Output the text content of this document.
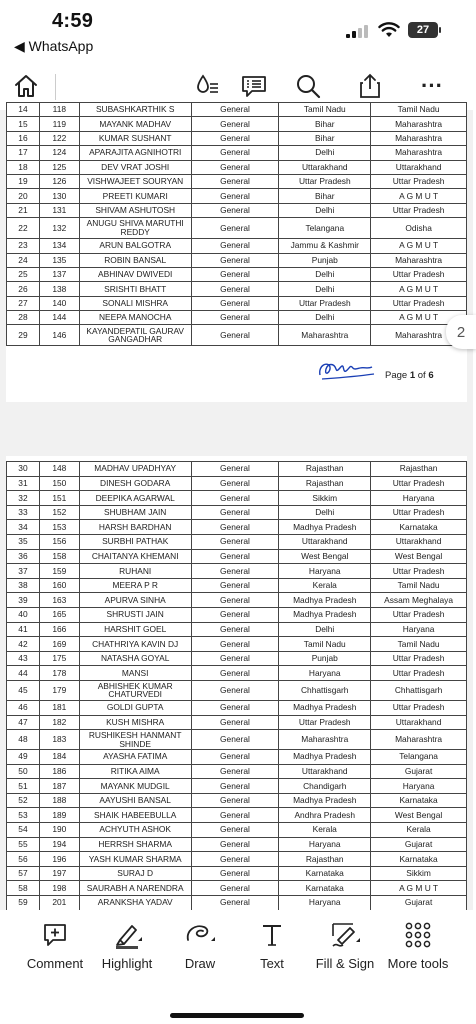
4:59
◀ WhatsApp
27
···
14	118	SUBASHKARTHIK S	General	Tamil Nadu	Tamil Nadu
15	119	MAYANK MADHAV	General	Bihar	Maharashtra
16	122	KUMAR SUSHANT	General	Bihar	Maharashtra
17	124	APARAJITA AGNIHOTRI	General	Delhi	Maharashtra
18	125	DEV VRAT JOSHI	General	Uttarakhand	Uttarakhand
19	126	VISHWAJEET SOURYAN	General	Uttar Pradesh	Uttar Pradesh
20	130	PREETI KUMARI	General	Bihar	A G M U T
21	131	SHIVAM ASHUTOSH	General	Delhi	Uttar Pradesh
22	132	ANUGU SHIVA MARUTHI REDDY	General	Telangana	Odisha
23	134	ARUN BALGOTRA	General	Jammu & Kashmir	A G M U T
24	135	ROBIN BANSAL	General	Punjab	Maharashtra
25	137	ABHINAV DWIVEDI	General	Delhi	Uttar Pradesh
26	138	SRISHTI BHATT	General	Delhi	A G M U T
27	140	SONALI MISHRA	General	Uttar Pradesh	Uttar Pradesh
28	144	NEEPA MANOCHA	General	Delhi	A G M U T
29	146	KAYANDEPATIL GAURAV GANGADHAR	General	Maharashtra	Maharashtra
Page 1 of 6
30	148	MADHAV UPADHYAY	General	Rajasthan	Rajasthan
31	150	DINESH GODARA	General	Rajasthan	Uttar Pradesh
32	151	DEEPIKA AGARWAL	General	Sikkim	Haryana
33	152	SHUBHAM JAIN	General	Delhi	Uttar Pradesh
34	153	HARSH BARDHAN	General	Madhya Pradesh	Karnataka
35	156	SURBHI PATHAK	General	Uttarakhand	Uttarakhand
36	158	CHAITANYA KHEMANI	General	West Bengal	West Bengal
37	159	RUHANI	General	Haryana	Uttar Pradesh
38	160	MEERA P R	General	Kerala	Tamil Nadu
39	163	APURVA SINHA	General	Madhya Pradesh	Assam Meghalaya
40	165	SHRUSTI JAIN	General	Madhya Pradesh	Uttar Pradesh
41	166	HARSHIT GOEL	General	Delhi	Haryana
42	169	CHATHRIYA KAVIN DJ	General	Tamil Nadu	Tamil Nadu
43	175	NATASHA GOYAL	General	Punjab	Uttar Pradesh
44	178	MANSI	General	Haryana	Uttar Pradesh
45	179	ABHISHEK KUMAR CHATURVEDI	General	Chhattisgarh	Chhattisgarh
46	181	GOLDI GUPTA	General	Madhya Pradesh	Uttar Pradesh
47	182	KUSH MISHRA	General	Uttar Pradesh	Uttarakhand
48	183	RUSHIKESH HANMANT SHINDE	General	Maharashtra	Maharashtra
49	184	AYASHA FATIMA	General	Madhya Pradesh	Telangana
50	186	RITIKA AIMA	General	Uttarakhand	Gujarat
51	187	MAYANK MUDGIL	General	Chandigarh	Haryana
52	188	AAYUSHI BANSAL	General	Madhya Pradesh	Karnataka
53	189	SHAIK HABEEBULLA	General	Andhra Pradesh	West Bengal
54	190	ACHYUTH ASHOK	General	Kerala	Kerala
55	194	HERRSH SHARMA	General	Haryana	Gujarat
56	196	YASH KUMAR SHARMA	General	Rajasthan	Karnataka
57	197	SURAJ D	General	Karnataka	Sikkim
58	198	SAURABH A NARENDRA	General	Karnataka	A G M U T
59	201	ARANKSHA YADAV	General	Haryana	Gujarat
2
Comment	Highlight	Draw	Text	Fill & Sign	More tools
